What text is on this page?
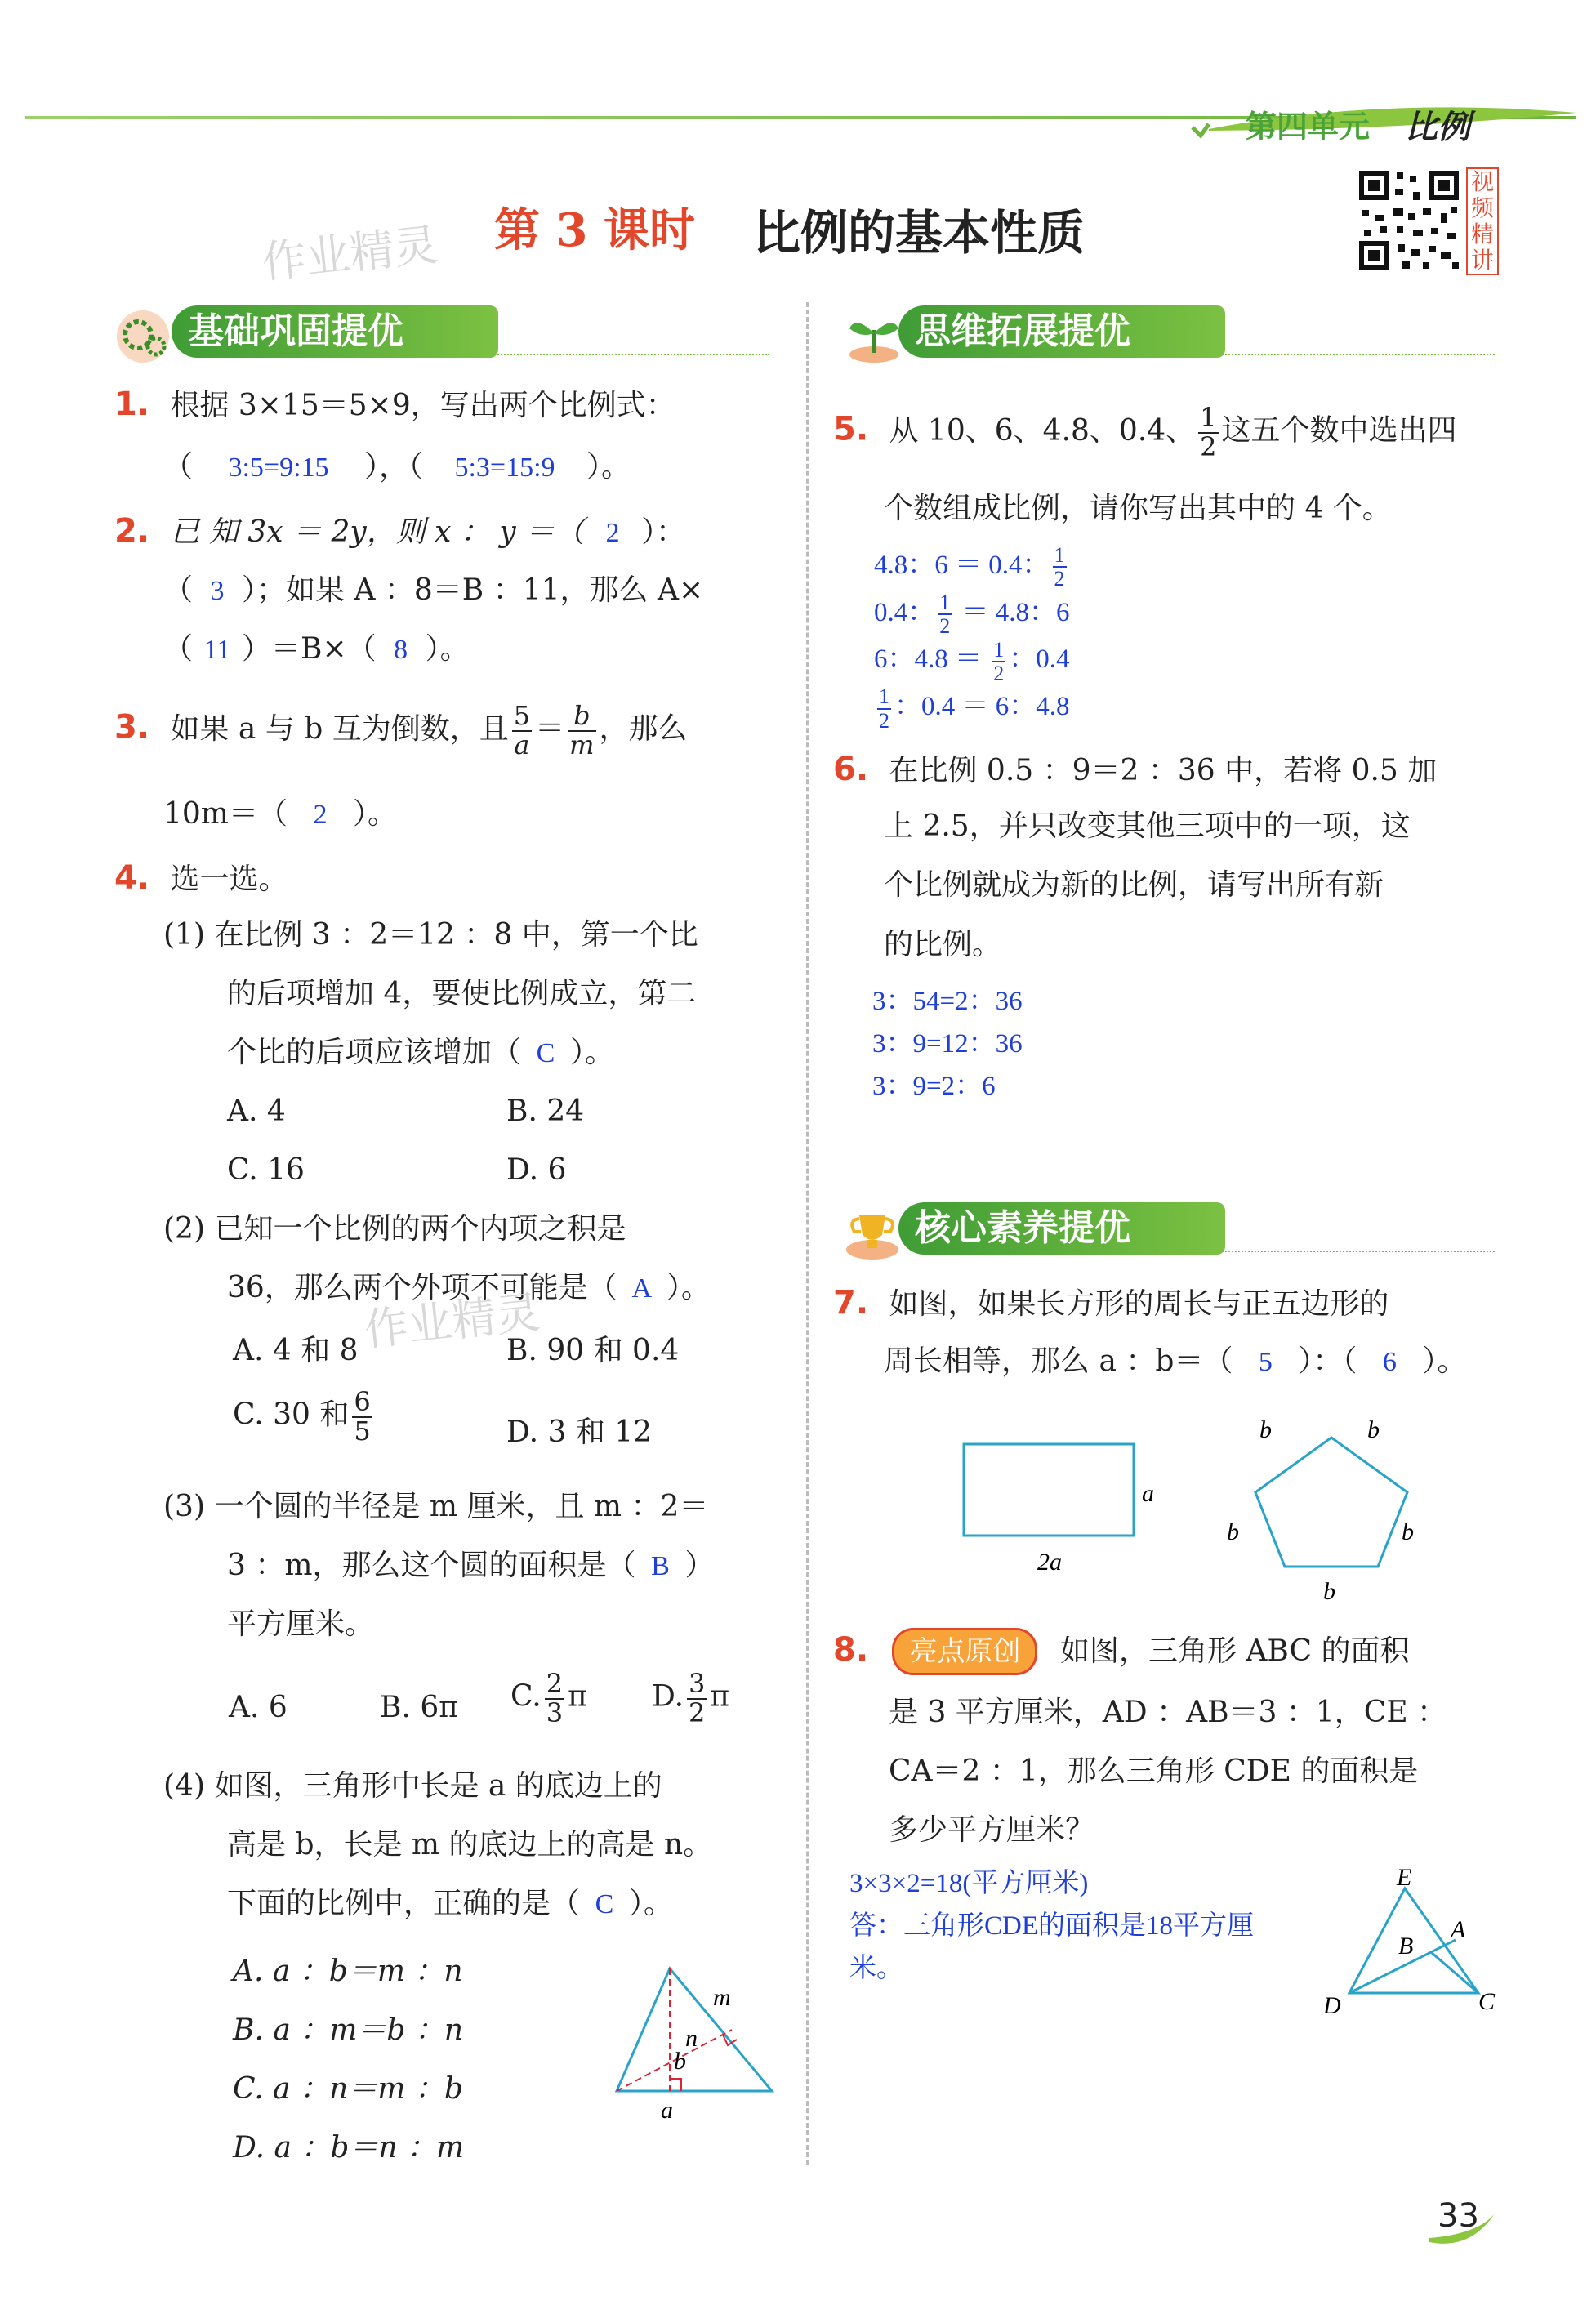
第四单元 比例
作业精灵 第 3 课时 比例的基本性质
视频精讲
基础巩固提优	思维拓展提优
1. 根据 3×15＝5×9，写出两个比例式：
（ 3:5=9:15 ），（ 5:3=15:9 ）。
2. 已 知 3x ＝ 2y，则 x ： y ＝（ 2 ）：
（ 3 ）；如果 A ：8＝B ：11，那么 A×
（ 11 ）＝B×（ 8 ）。
3. 如果 a 与 b 互为倒数，且 $\frac{5}{a} = \frac{b}{m}$ ，那么
10m＝（ 2 ）。
4. 选一选。
(1) 在比例 3 ：2＝12 ：8 中，第一个比
的后项增加 4，要使比例成立，第二
个比的后项应该增加（ C ）。
A. 4	B. 24
C. 16	D. 6
(2) 已知一个比例的两个内项之积是
36，那么两个外项不可能是（ A ）。
A. 4 和 8	B. 90 和 0.4
C. 30 和 $\frac{6}{5}$	D. 3 和 12
(3) 一个圆的半径是 m 厘米，且 m ：2＝
3 ：m，那么这个圆的面积是（ B ）
平方厘米。
A. 6	B. 6π C. $\frac{2}{3}$ π D. $\frac{3}{2}$ π
(4) 如图，三角形中长是 a 的底边上的
高是 b，长是 m 的底边上的高是 n。
下面的比例中，正确的是（ C ）。
A. a ：b＝m ：n
B. a ：m＝b ：n
C. a ：n＝m ：b
D. a ：b＝n ：m
m
n
b
a
5. 从 10、6、4.8、0.4、 $\frac{1}{2}$ 这五个数中选出四
个数组成比例，请你写出其中的 4 个。
4.8：6 ＝ 0.4： $\frac{1}{2}$
0.4： $\frac{1}{2} = 4.8$：6
6：$4.8 = \frac{1}{2}$ ：0.4
$\frac{1}{2}$ ：0.4 ＝ 6：4.8
6. 在比例 0.5 ：9＝2 ：36 中，若将 0.5 加
上 2.5，并只改变其他三项中的一项，这
个比例就成为新的比例，请写出所有新
的比例。
3：54=2：36
3：9=12：36
3：9=2：6
核心素养提优
7. 如图，如果长方形的周长与正五边形的
周长相等，那么 a ：b＝（ 5 ）：（ 6 ）。
a
2a
b	b
b	b
b
8. 亮点原创 如图，三角形 ABC 的面积
是 3 平方厘米，AD ：AB＝3 ：1，CE ：
CA＝2 ：1，那么三角形 CDE 的面积是
多少平方厘米？
3×3×2=18(平方厘米)
答：三角形CDE的面积是18平方厘
米。
E
A
B
D	C
作业精灵
33
